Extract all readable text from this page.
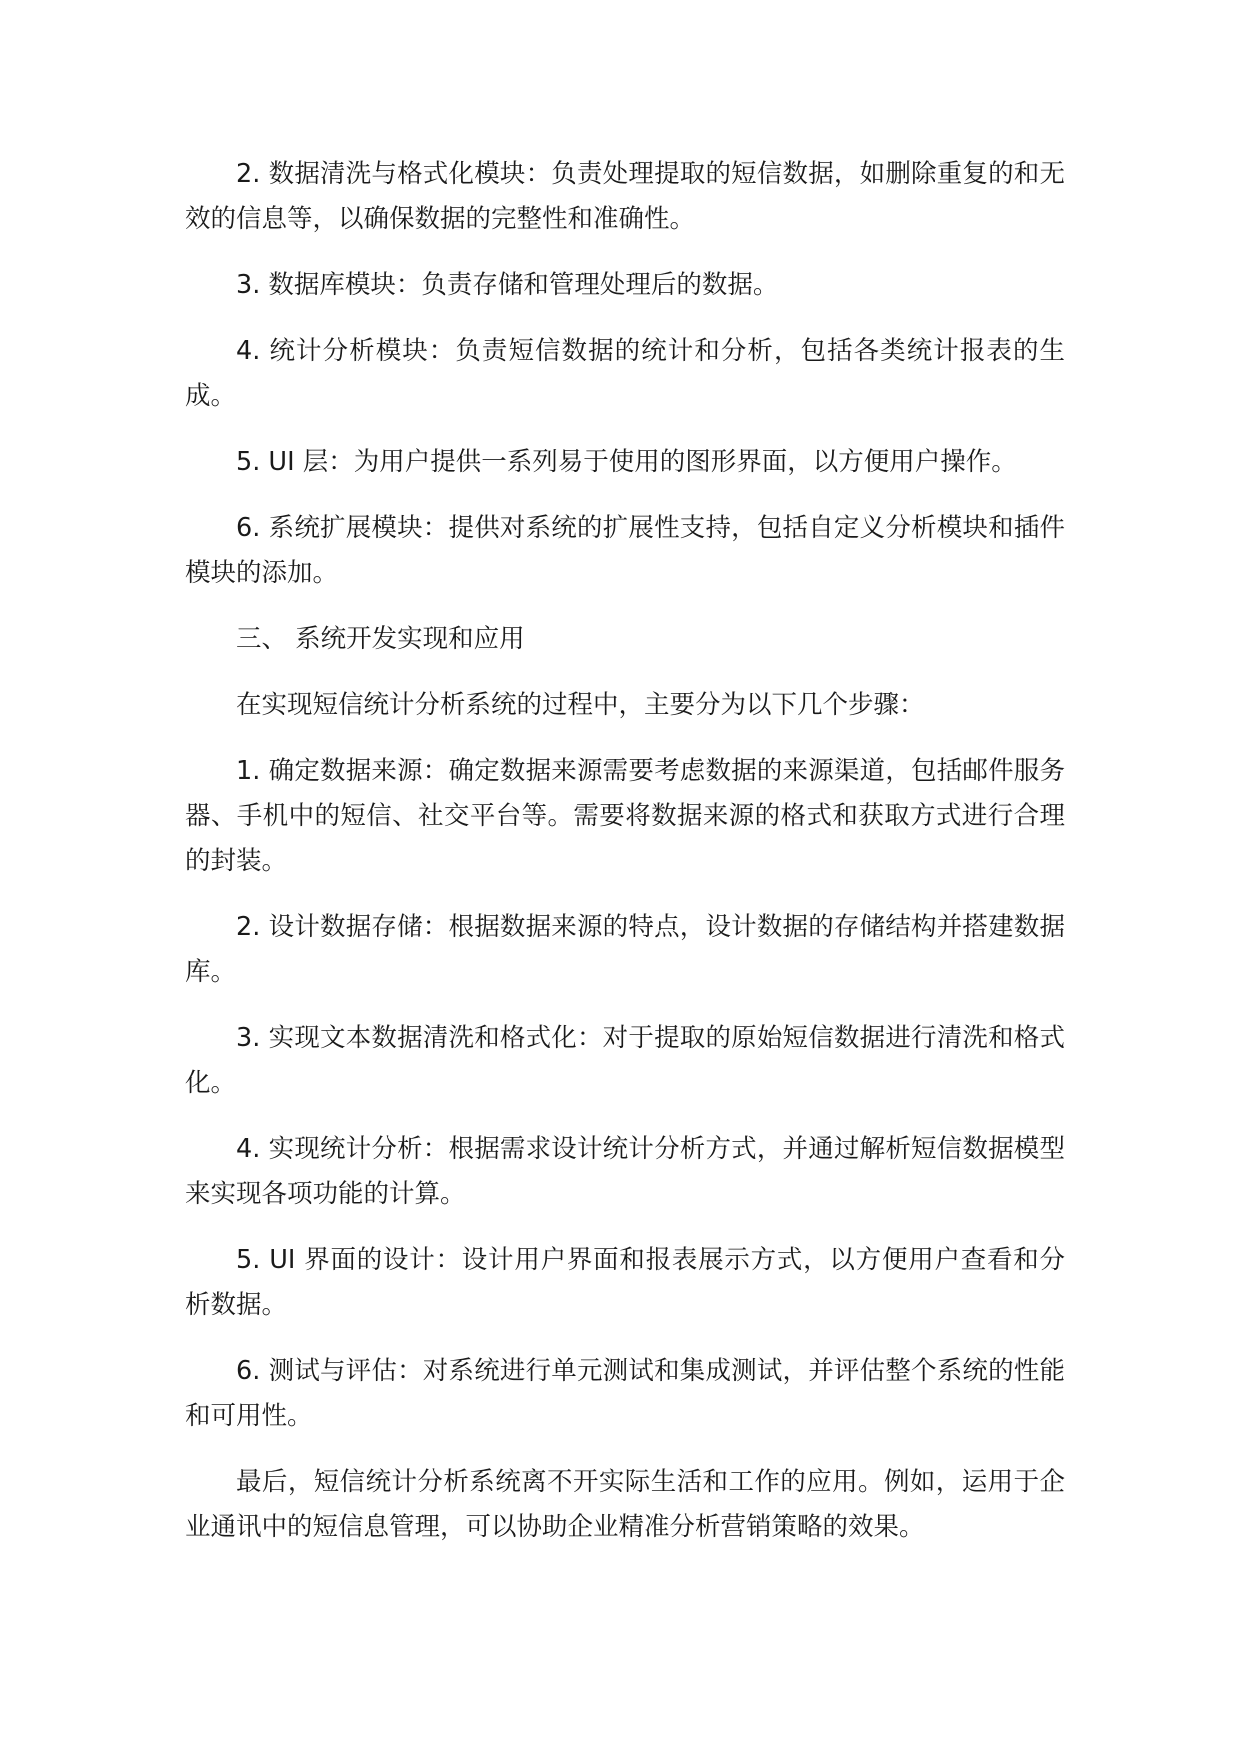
2. 数据清洗与格式化模块：负责处理提取的短信数据，如删除重复的和无效的信息等，以确保数据的完整性和准确性。

3. 数据库模块：负责存储和管理处理后的数据。

4. 统计分析模块：负责短信数据的统计和分析，包括各类统计报表的生成。

5. UI 层：为用户提供一系列易于使用的图形界面，以方便用户操作。

6. 系统扩展模块：提供对系统的扩展性支持，包括自定义分析模块和插件模块的添加。

三、 系统开发实现和应用

在实现短信统计分析系统的过程中，主要分为以下几个步骤：

1. 确定数据来源：确定数据来源需要考虑数据的来源渠道，包括邮件服务器、手机中的短信、社交平台等。需要将数据来源的格式和获取方式进行合理的封装。

2. 设计数据存储：根据数据来源的特点，设计数据的存储结构并搭建数据库。

3. 实现文本数据清洗和格式化：对于提取的原始短信数据进行清洗和格式化。

4. 实现统计分析：根据需求设计统计分析方式，并通过解析短信数据模型来实现各项功能的计算。

5. UI 界面的设计：设计用户界面和报表展示方式，以方便用户查看和分析数据。

6. 测试与评估：对系统进行单元测试和集成测试，并评估整个系统的性能和可用性。

最后，短信统计分析系统离不开实际生活和工作的应用。例如，运用于企业通讯中的短信息管理，可以协助企业精准分析营销策略的效果。
